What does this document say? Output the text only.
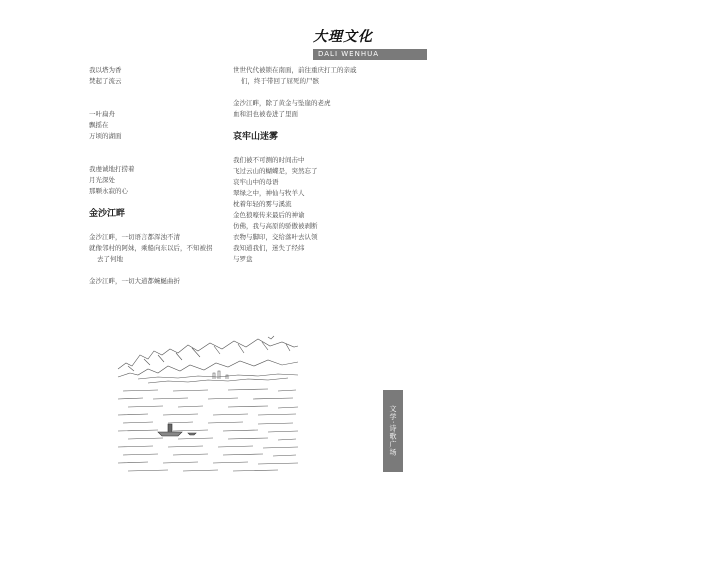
大理文化
DALI WENHUA	51

我以塔为香

焚起了流云

一叶扁舟

飘摇在

万顷的湖面

我虔诚地打捞着

月光深处

那颗永寂的心

金沙江畔

金沙江畔，一切语言都浑浊不清

就像邻村的阿妹，乘船向东以后，不知被拐

去了何地

金沙江畔，一切大道都蜿蜒曲折

世世代代被锁在南面，前往重庆打工的亲戚

们，终于带回了屈死的尸骸

金沙江畔，除了黄金与坠崖的老虎

血和泪也被卷进了里面

哀牢山迷雾

我们被不可测的时间击中

飞过云山的蝴蝶是，突然忘了

哀牢山中的母语

翠绿之中，神仙与牧羊人

枕着年轻的雾与溪流

金色狼嚎传来最后的神谕

仿佛，我与高原的骄傲被剥断

衣物与脚印，交给落叶去认领

我知道我们，迷失了经纬

与罗盘

文学·诗歌广场
